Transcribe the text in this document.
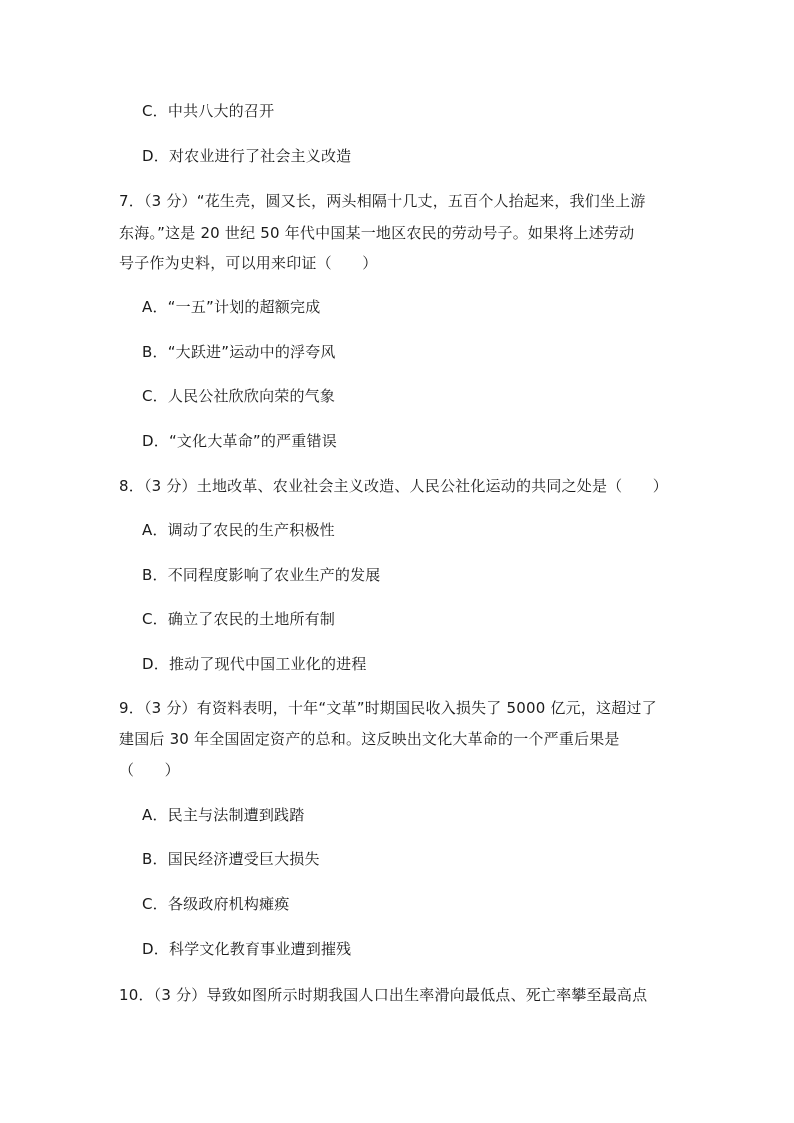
C．中共八大的召开
D．对农业进行了社会主义改造
7．（3 分）“花生壳，圆又长，两头相隔十几丈，五百个人抬起来，我们坐上游
东海。”这是 20 世纪 50 年代中国某一地区农民的劳动号子。如果将上述劳动
号子作为史料，可以用来印证（　　）
A．“一五”计划的超额完成
B．“大跃进”运动中的浮夸风
C．人民公社欣欣向荣的气象
D．“文化大革命”的严重错误
8．（3 分）土地改革、农业社会主义改造、人民公社化运动的共同之处是（　　）
A．调动了农民的生产积极性
B．不同程度影响了农业生产的发展
C．确立了农民的土地所有制
D．推动了现代中国工业化的进程
9．（3 分）有资料表明，十年“文革”时期国民收入损失了 5000 亿元，这超过了
建国后 30 年全国固定资产的总和。这反映出文化大革命的一个严重后果是
（　　）
A．民主与法制遭到践踏
B．国民经济遭受巨大损失
C．各级政府机构瘫痪
D．科学文化教育事业遭到摧残
10．（3 分）导致如图所示时期我国人口出生率滑向最低点、死亡率攀至最高点
